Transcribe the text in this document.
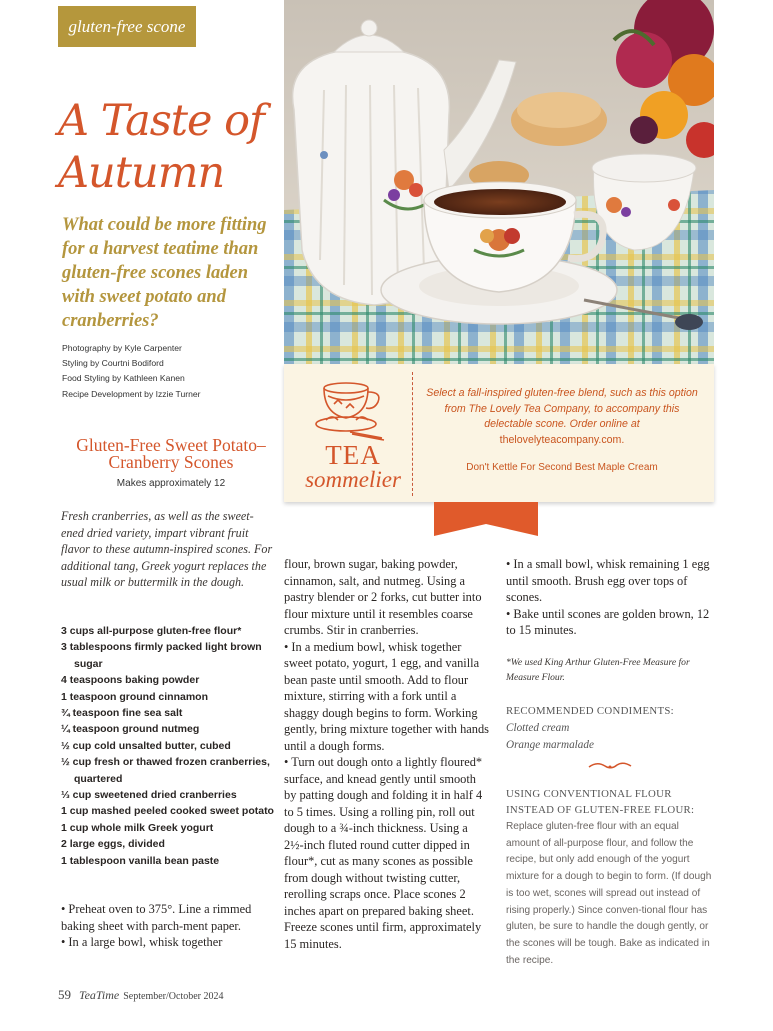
gluten-free scone
A Taste of Autumn
What could be more fitting for a harvest teatime than gluten-free scones laden with sweet potato and cranberries?
Photography by Kyle Carpenter
Styling by Courtni Bodiford
Food Styling by Kathleen Kanen
Recipe Development by Izzie Turner
TEA
sommelier
Select a fall-inspired gluten-free blend, such as this option from The Lovely Tea Company, to accompany this delectable scone. Order online at thelovelyteacompany.com.
Don't Kettle For Second Best Maple Cream
Gluten-Free Sweet Potato–Cranberry Scones
Makes approximately 12
Fresh cranberries, as well as the sweet-ened dried variety, impart vibrant fruit flavor to these autumn-inspired scones. For additional tang, Greek yogurt replaces the usual milk or buttermilk in the dough.
3 cups all-purpose gluten-free flour*
3 tablespoons firmly packed light brown sugar
4 teaspoons baking powder
1 teaspoon ground cinnamon
¾ teaspoon fine sea salt
¼ teaspoon ground nutmeg
½ cup cold unsalted butter, cubed
½ cup fresh or thawed frozen cranberries, quartered
⅓ cup sweetened dried cranberries
1 cup mashed peeled cooked sweet potato
1 cup whole milk Greek yogurt
2 large eggs, divided
1 tablespoon vanilla bean paste

• Preheat oven to 375°. Line a rimmed baking sheet with parch-ment paper.

• In a large bowl, whisk together

flour, brown sugar, baking powder, cinnamon, salt, and nutmeg. Using a pastry blender or 2 forks, cut butter into flour mixture until it resembles coarse crumbs. Stir in cranberries.

• In a medium bowl, whisk together sweet potato, yogurt, 1 egg, and vanilla bean paste until smooth. Add to flour mixture, stirring with a fork until a shaggy dough begins to form. Working gently, bring mixture together with hands until a dough forms.

• Turn out dough onto a lightly floured* surface, and knead gently until smooth by patting dough and folding it in half 4 to 5 times. Using a rolling pin, roll out dough to a ¾-inch thickness. Using a 2½-inch fluted round cutter dipped in flour*, cut as many scones as possible from dough without twisting cutter, rerolling scraps once. Place scones 2 inches apart on prepared baking sheet. Freeze scones until firm, approximately 15 minutes.

• In a small bowl, whisk remaining 1 egg until smooth. Brush egg over tops of scones.

• Bake until scones are golden brown, 12 to 15 minutes.

*We used King Arthur Gluten-Free Measure for Measure Flour.
RECOMMENDED CONDIMENTS:
Clotted cream
Orange marmalade
USING CONVENTIONAL FLOUR INSTEAD OF GLUTEN-FREE FLOUR:
Replace gluten-free flour with an equal amount of all-purpose flour, and follow the recipe, but only add enough of the yogurt mixture for a dough to begin to form. (If dough is too wet, scones will spread out instead of rising properly.) Since conven-tional flour has gluten, be sure to handle the dough gently, or the scones will be tough. Bake as indicated in the recipe.
59 TeaTime September/October 2024
